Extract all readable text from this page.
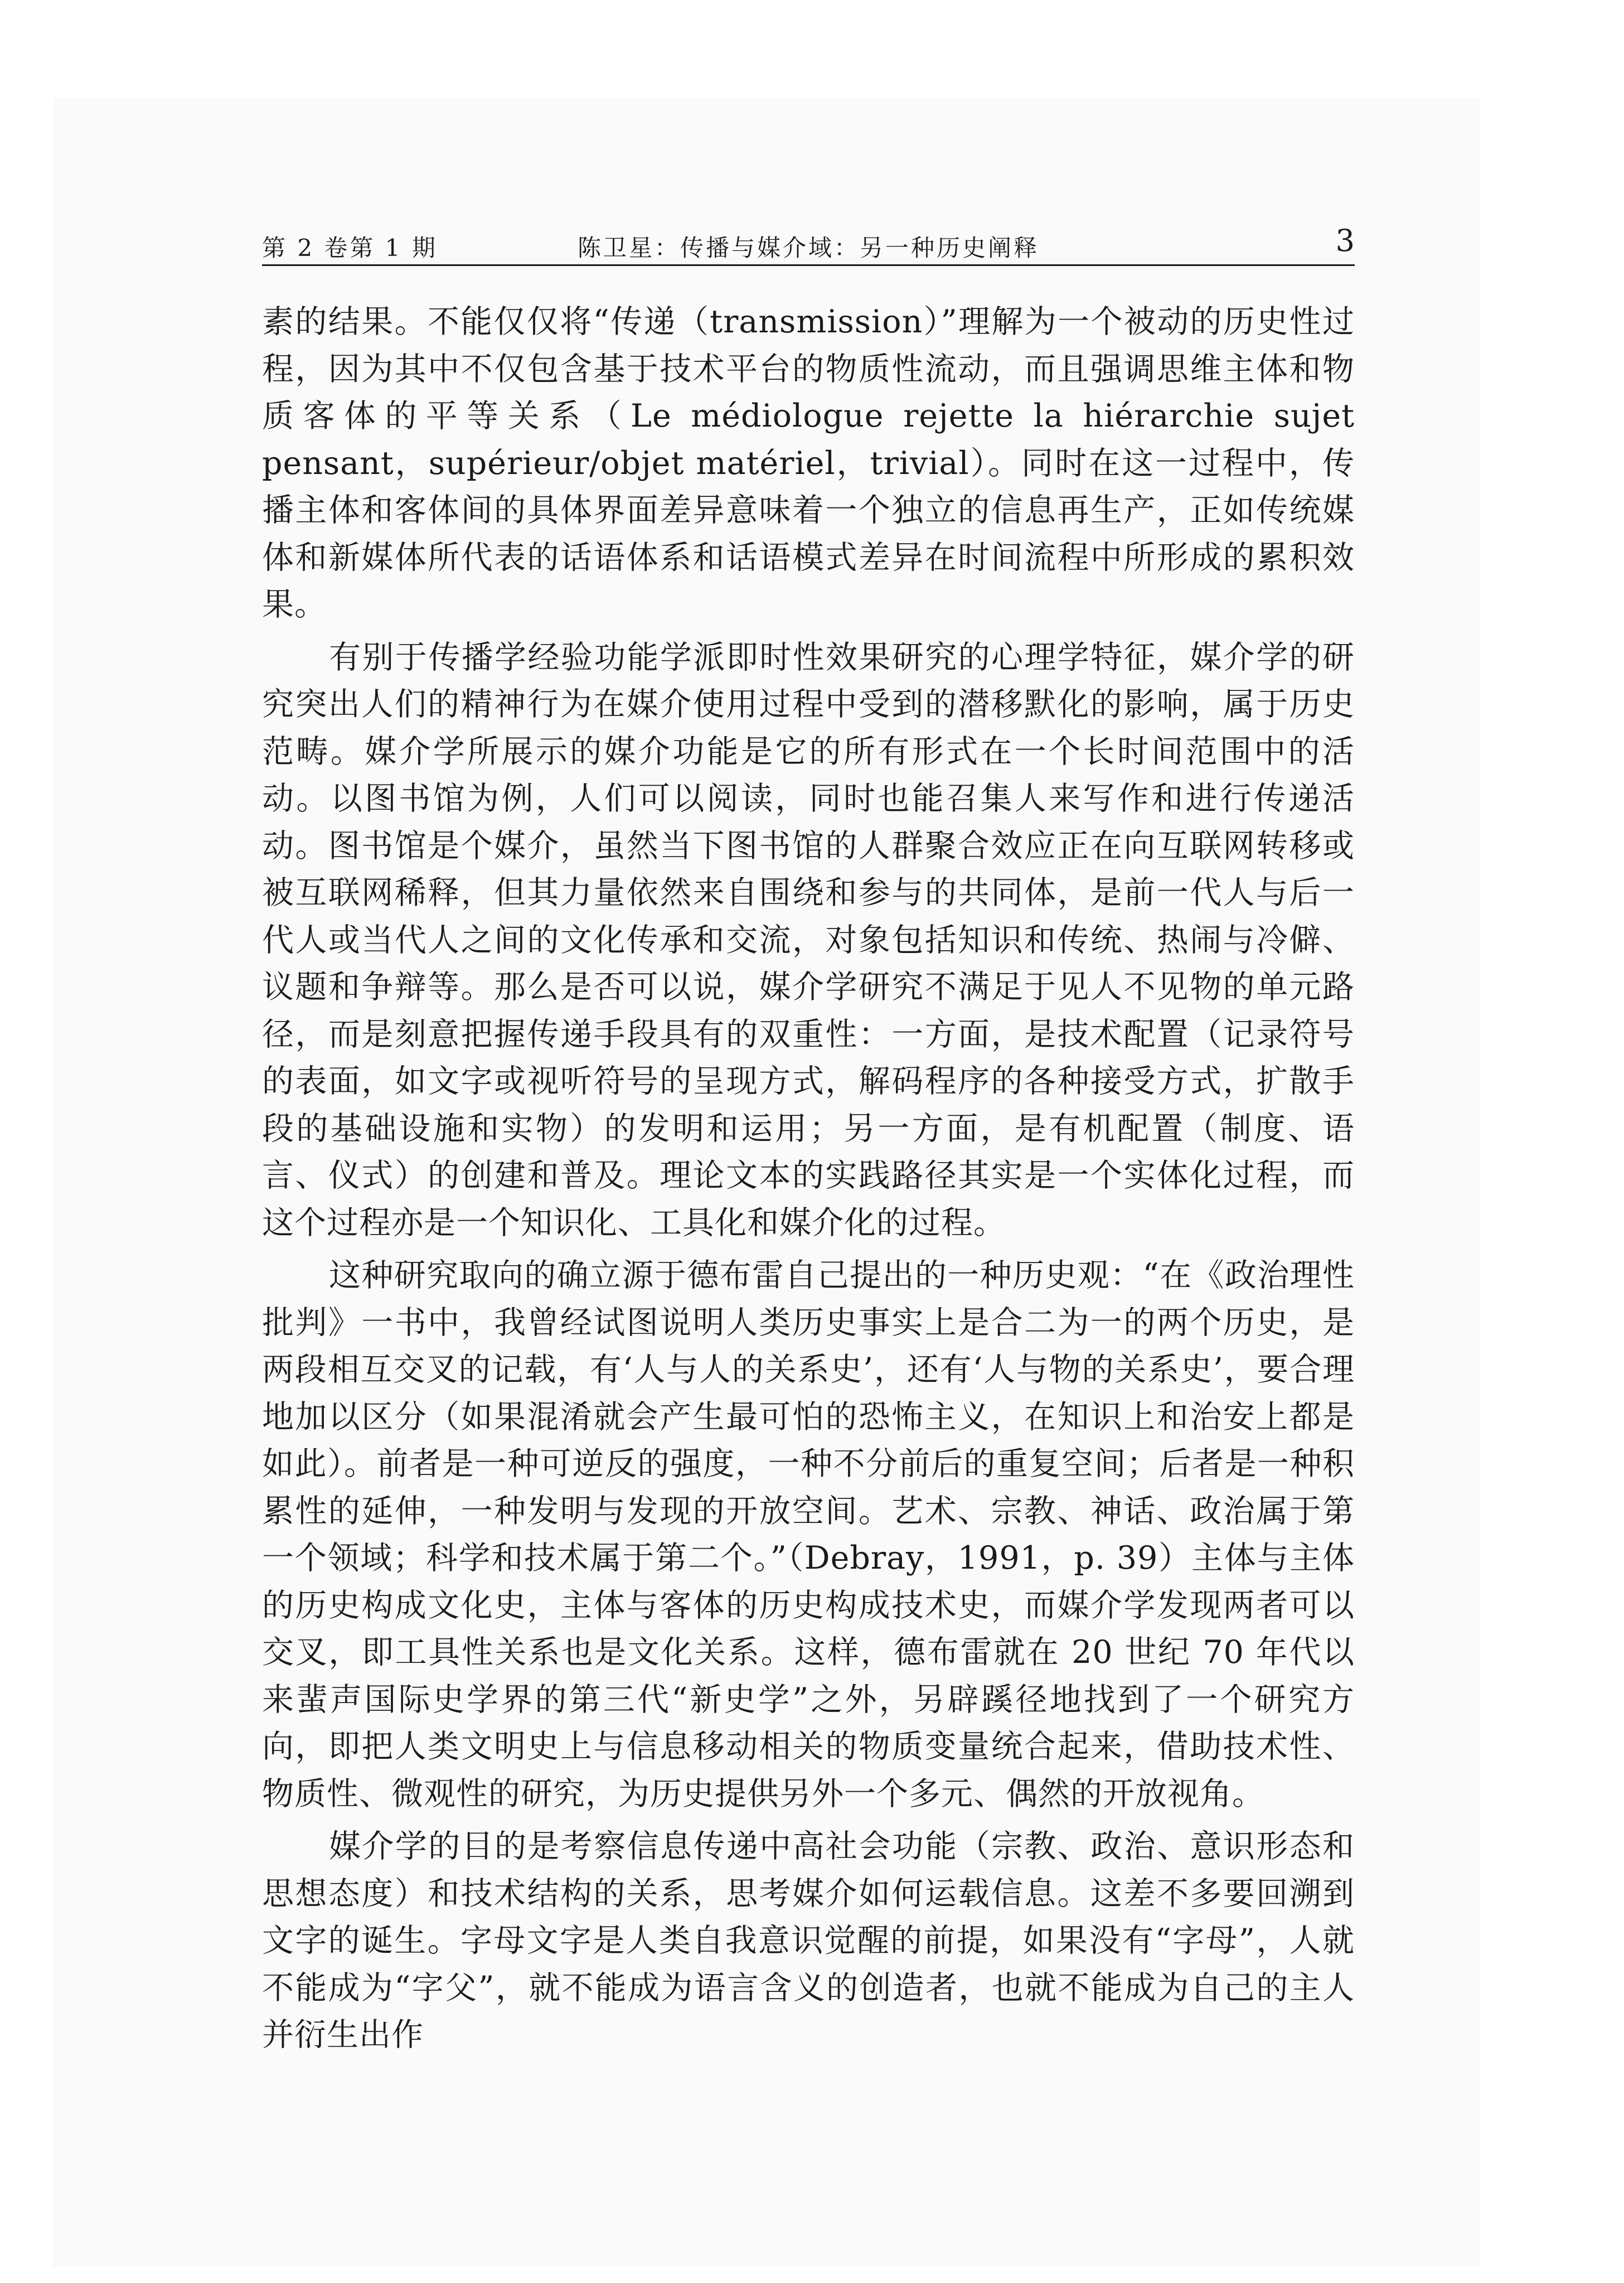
第 2 卷第 1 期	陈卫星：传播与媒介域：另一种历史阐释	3

素的结果。不能仅仅将“传递（transmission）”理解为一个被动的历史性过程，因为其中不仅包含基于技术平台的物质性流动，而且强调思维主体和物质客体的平等关系（Le médiologue rejette la hiérarchie sujet pensant，supérieur/objet matériel，trivial）。同时在这一过程中，传播主体和客体间的具体界面差异意味着一个独立的信息再生产，正如传统媒体和新媒体所代表的话语体系和话语模式差异在时间流程中所形成的累积效果。

有别于传播学经验功能学派即时性效果研究的心理学特征，媒介学的研究突出人们的精神行为在媒介使用过程中受到的潜移默化的影响，属于历史范畴。媒介学所展示的媒介功能是它的所有形式在一个长时间范围中的活动。以图书馆为例，人们可以阅读，同时也能召集人来写作和进行传递活动。图书馆是个媒介，虽然当下图书馆的人群聚合效应正在向互联网转移或被互联网稀释，但其力量依然来自围绕和参与的共同体，是前一代人与后一代人或当代人之间的文化传承和交流，对象包括知识和传统、热闹与冷僻、议题和争辩等。那么是否可以说，媒介学研究不满足于见人不见物的单元路径，而是刻意把握传递手段具有的双重性：一方面，是技术配置（记录符号的表面，如文字或视听符号的呈现方式，解码程序的各种接受方式，扩散手段的基础设施和实物）的发明和运用；另一方面，是有机配置（制度、语言、仪式）的创建和普及。理论文本的实践路径其实是一个实体化过程，而这个过程亦是一个知识化、工具化和媒介化的过程。

这种研究取向的确立源于德布雷自己提出的一种历史观：“在《政治理性批判》一书中，我曾经试图说明人类历史事实上是合二为一的两个历史，是两段相互交叉的记载，有‘人与人的关系史’，还有‘人与物的关系史’，要合理地加以区分（如果混淆就会产生最可怕的恐怖主义，在知识上和治安上都是如此）。前者是一种可逆反的强度，一种不分前后的重复空间；后者是一种积累性的延伸，一种发明与发现的开放空间。艺术、宗教、神话、政治属于第一个领域；科学和技术属于第二个。”（Debray，1991，p. 39）主体与主体的历史构成文化史，主体与客体的历史构成技术史，而媒介学发现两者可以交叉，即工具性关系也是文化关系。这样，德布雷就在 20 世纪 70 年代以来蜚声国际史学界的第三代“新史学”之外，另辟蹊径地找到了一个研究方向，即把人类文明史上与信息移动相关的物质变量统合起来，借助技术性、物质性、微观性的研究，为历史提供另外一个多元、偶然的开放视角。

媒介学的目的是考察信息传递中高社会功能（宗教、政治、意识形态和思想态度）和技术结构的关系，思考媒介如何运载信息。这差不多要回溯到文字的诞生。字母文字是人类自我意识觉醒的前提，如果没有“字母”，人就不能成为“字父”，就不能成为语言含义的创造者，也就不能成为自己的主人并衍生出作
